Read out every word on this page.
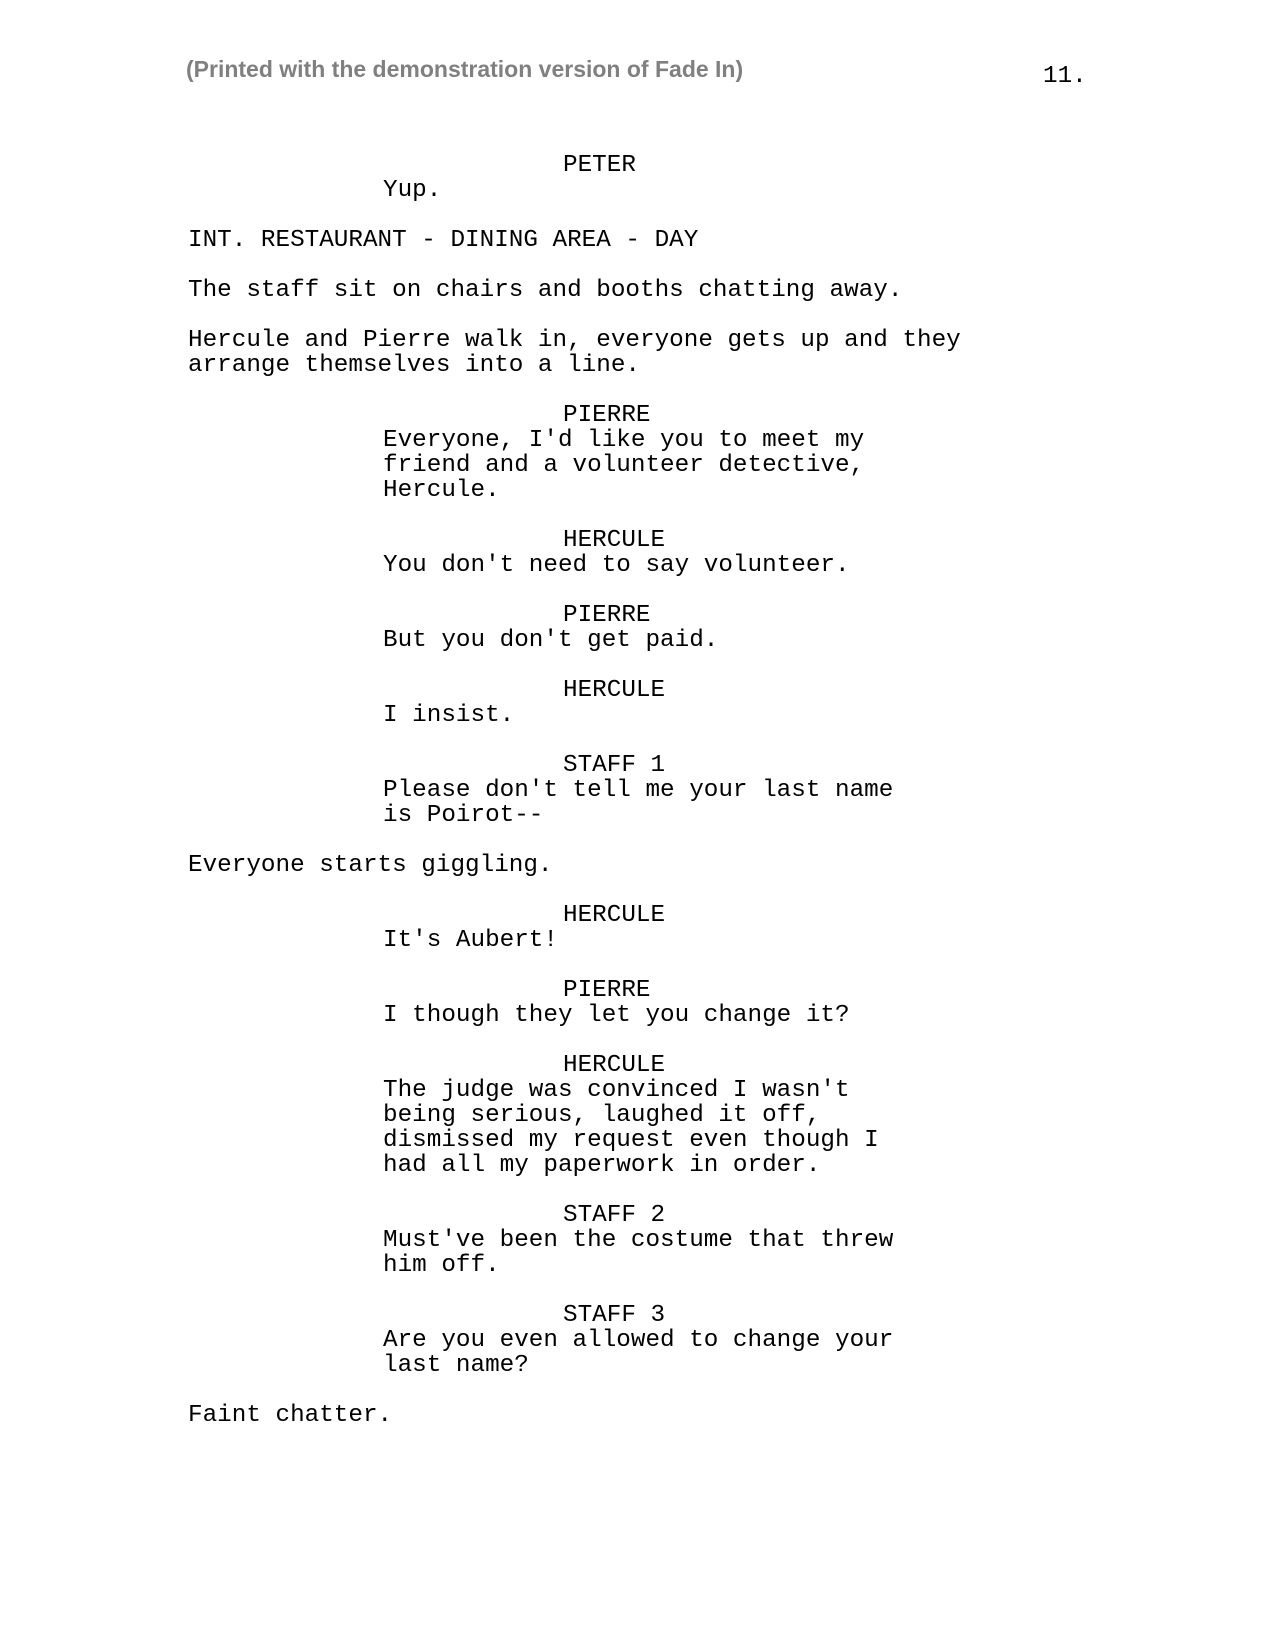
(Printed with the demonstration version of Fade In)	11.
PETER
Yup.
INT. RESTAURANT - DINING AREA - DAY
The staff sit on chairs and booths chatting away.
Hercule and Pierre walk in, everyone gets up and they
arrange themselves into a line.
PIERRE
Everyone, I'd like you to meet my
friend and a volunteer detective,
Hercule.
HERCULE
You don't need to say volunteer.
PIERRE
But you don't get paid.
HERCULE
I insist.
STAFF 1
Please don't tell me your last name
is Poirot--
Everyone starts giggling.
HERCULE
It's Aubert!
PIERRE
I though they let you change it?
HERCULE
The judge was convinced I wasn't
being serious, laughed it off,
dismissed my request even though I
had all my paperwork in order.
STAFF 2
Must've been the costume that threw
him off.
STAFF 3
Are you even allowed to change your
last name?
Faint chatter.
